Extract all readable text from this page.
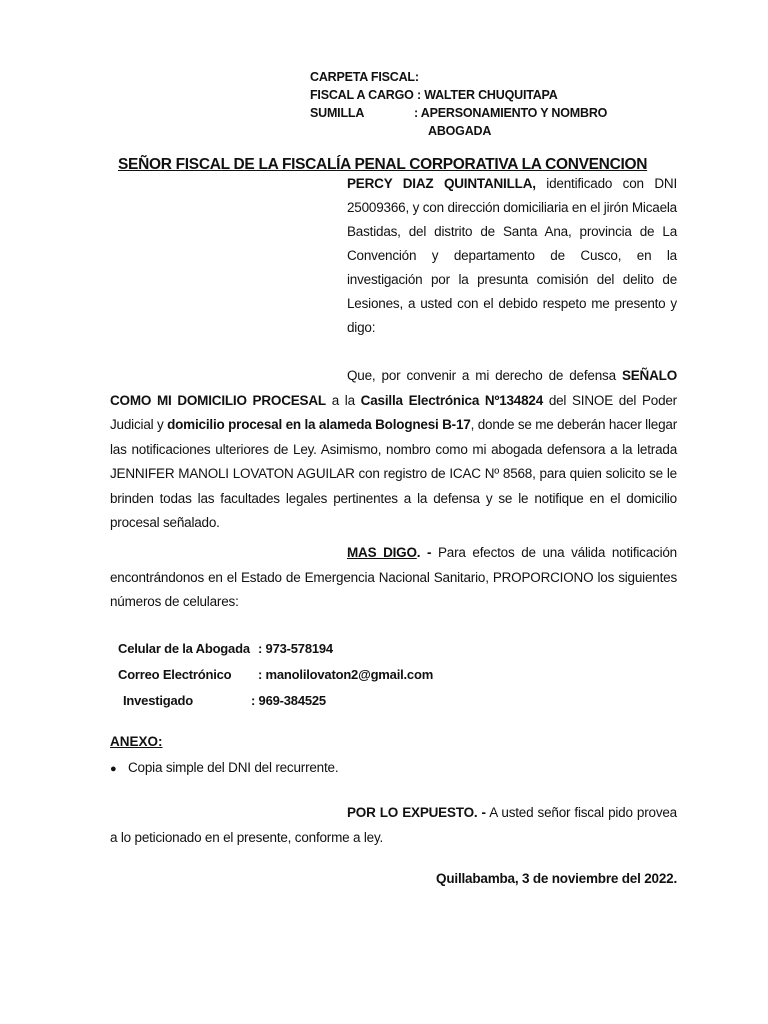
CARPETA FISCAL:
FISCAL A CARGO : WALTER CHUQUITAPA
SUMILLA	: APERSONAMIENTO Y NOMBRO
ABOGADA
SEÑOR FISCAL DE LA FISCALÍA PENAL CORPORATIVA LA CONVENCION
PERCY DIAZ QUINTANILLA, identificado con DNI 25009366, y con dirección domiciliaria en el jirón Micaela Bastidas, del distrito de Santa Ana, provincia de La Convención y departamento de Cusco, en la investigación por la presunta comisión del delito de Lesiones, a usted con el debido respeto me presento y digo:
Que, por convenir a mi derecho de defensa SEÑALO COMO MI DOMICILIO PROCESAL a la Casilla Electrónica Nº134824 del SINOE del Poder Judicial y domicilio procesal en la alameda Bolognesi B-17, donde se me deberán hacer llegar las notificaciones ulteriores de Ley. Asimismo, nombro como mi abogada defensora a la letrada JENNIFER MANOLI LOVATON AGUILAR con registro de ICAC Nº 8568, para quien solicito se le brinden todas las facultades legales pertinentes a la defensa y se le notifique en el domicilio procesal señalado.
MAS DIGO. - Para efectos de una válida notificación encontrándonos en el Estado de Emergencia Nacional Sanitario, PROPORCIONO los siguientes números de celulares:
Celular de la Abogada : 973-578194
Correo Electrónico : manolilovaton2@gmail.com
Investigado	: 969-384525
ANEXO:
● Copia simple del DNI del recurrente.
POR LO EXPUESTO. - A usted señor fiscal pido provea a lo peticionado en el presente, conforme a ley.
Quillabamba, 3 de noviembre del 2022.
